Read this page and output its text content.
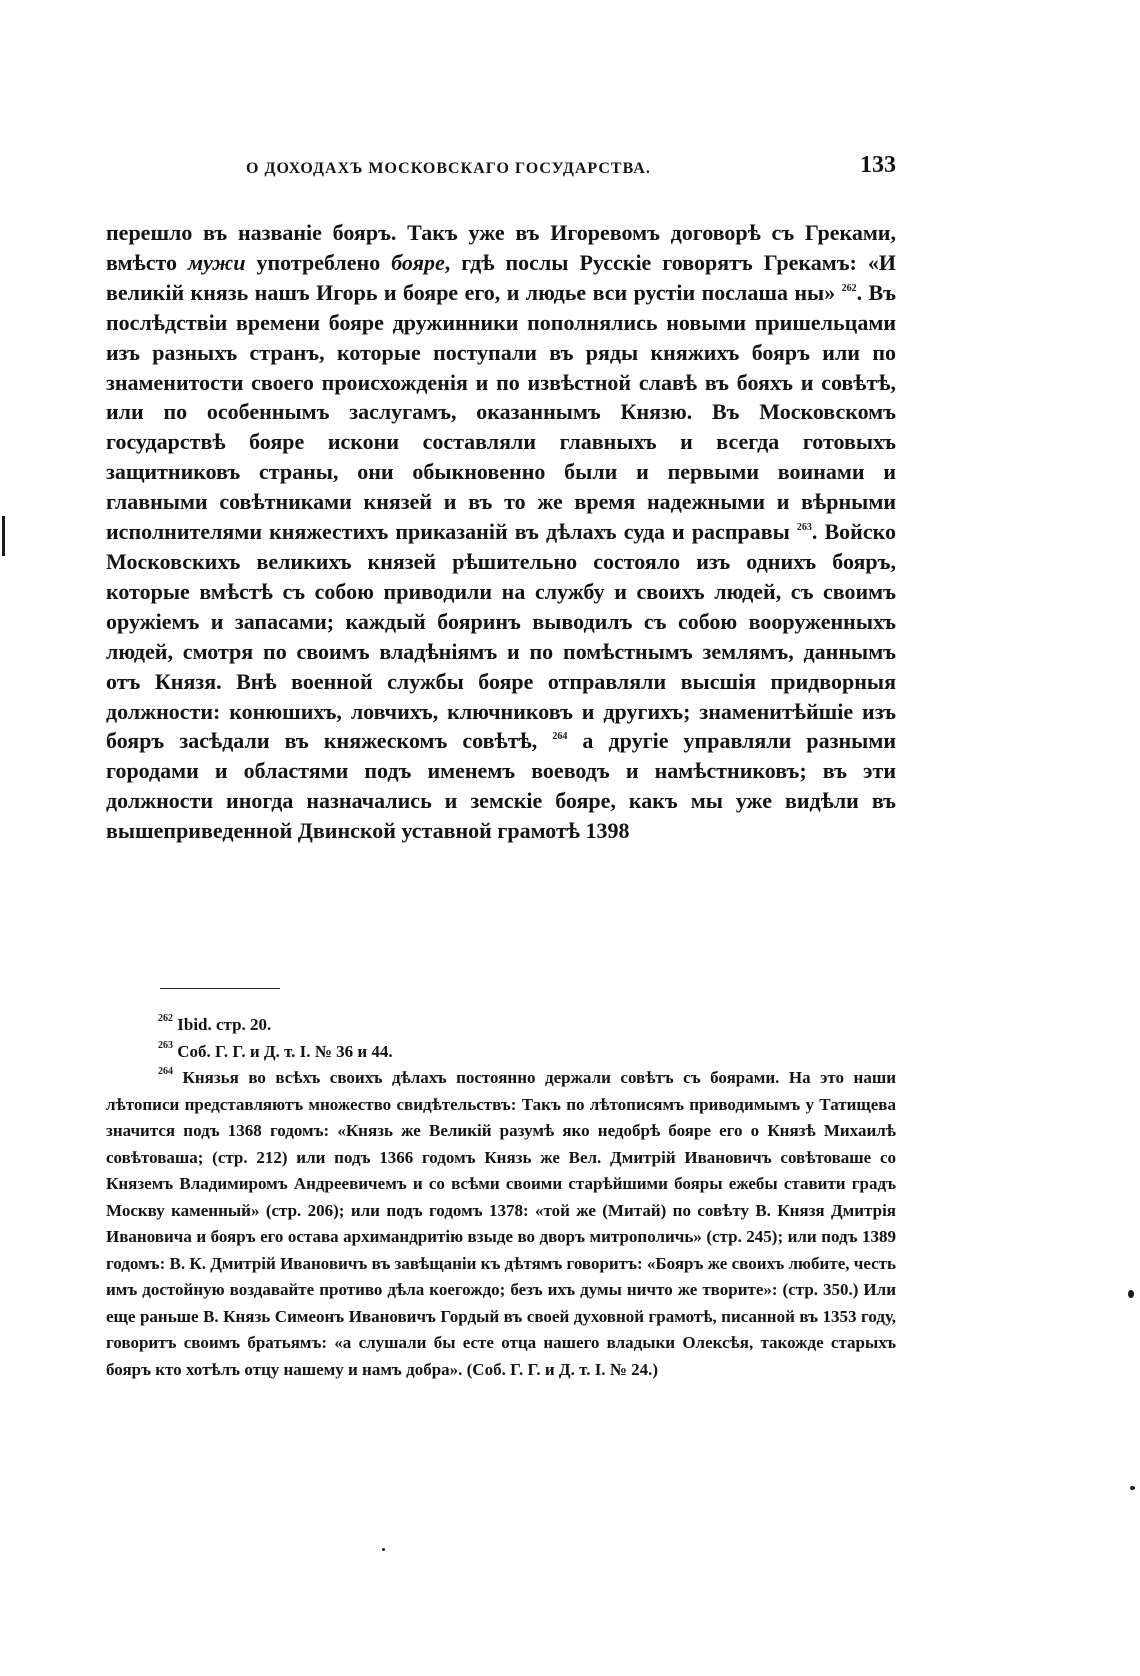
О ДОХОДАХЪ МОСКОВСКАГО ГОСУДАРСТВА.	133

перешло въ названіе бояръ. Такъ уже въ Игоревомъ договорѣ съ Греками, вмѣсто мужи употреблено бояре, гдѣ послы Русскіе говорятъ Грекамъ: «И великій князь нашъ Игорь и бояре его, и людье вси рустіи послаша ны» $^{262}$. Въ послѣдствіи времени бояре дружинники пополнялись новыми пришельцами изъ разныхъ странъ, которые поступали въ ряды княжихъ бояръ или по знаменитости своего происхожденія и по извѣстной славѣ въ бояхъ и совѣтѣ, или по особеннымъ заслугамъ, оказаннымъ Князю. Въ Московскомъ государствѣ бояре искони составляли главныхъ и всегда готовыхъ защитниковъ страны, они обыкновенно были и первыми воинами и главными совѣтниками князей и въ то же время надежными и вѣрными исполнителями княжестихъ приказаній въ дѣлахъ суда и расправы $^{263}$. Войско Московскихъ великихъ князей рѣшительно состояло изъ однихъ бояръ, которые вмѣстѣ съ собою приводили на службу и своихъ людей, съ своимъ оружіемъ и запасами; каждый бояринъ выводилъ съ собою вооруженныхъ людей, смотря по своимъ владѣніямъ и по помѣстнымъ землямъ, даннымъ отъ Князя. Внѣ военной службы бояре отправляли высшія придворныя должности: конюшихъ, ловчихъ, ключниковъ и другихъ; знаменитѣйшіе изъ бояръ засѣдали въ княжескомъ совѣтѣ, $^{264}$ а другіе управляли разными городами и областями подъ именемъ воеводъ и намѣстниковъ; въ эти должности иногда назначались и земскіе бояре, какъ мы уже видѣли въ вышеприведенной Двинской уставной грамотѣ 1398

$^{262}$ Ibid. стр. 20.

$^{263}$ Соб. Г. Г. и Д. т. I. № 36 и 44.

$^{264}$ Князья во всѣхъ своихъ дѣлахъ постоянно держали совѣтъ съ боярами. На это наши лѣтописи представляютъ множество свидѣтельствъ: Такъ по лѣтописямъ приводимымъ у Татищева значится подъ 1368 годомъ: «Князь же Великій разумѣ яко недобрѣ бояре его о Князѣ Михаилѣ совѣтоваша; (стр. 212) или подъ 1366 годомъ Князь же Вел. Дмитрій Ивановичъ совѣтоваше со Княземъ Владимиромъ Андреевичемъ и со всѣми своими старѣйшими бояры ежебы ставити градъ Москву каменный» (стр. 206); или подъ годомъ 1378: «той же (Митай) по совѣту В. Князя Дмитрія Ивановича и бояръ его остава архимандритію взыде во дворъ митрополичь» (стр. 245); или подъ 1389 годомъ: В. К. Дмитрій Ивановичъ въ завѣщаніи къ дѣтямъ говоритъ: «Бояръ же своихъ любите, честь имъ достойную воздавайте противо дѣла коегождо; безъ ихъ думы ничто же творите»: (стр. 350.) Или еще раньше В. Князь Симеонъ Ивановичъ Гордый въ своей духовной грамотѣ, писанной въ 1353 году, говоритъ своимъ братьямъ: «а слушали бы есте отца нашего владыки Олексѣя, такожде старыхъ бояръ кто хотѣлъ отцу нашему и намъ добра». (Соб. Г. Г. и Д. т. I. № 24.)
